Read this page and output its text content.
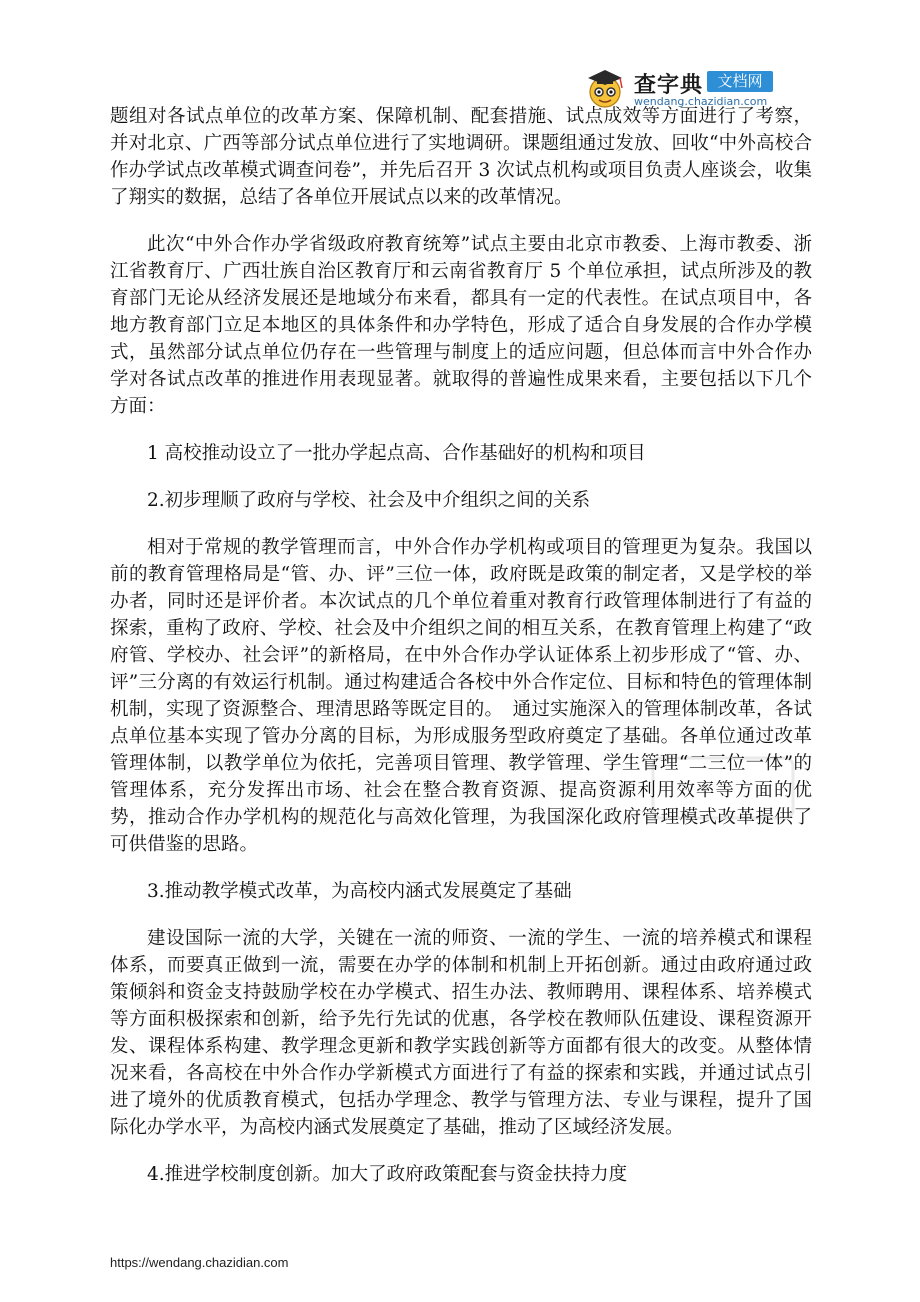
查字典 文档网
wendang.chazidian.com

题组对各试点单位的改革方案、保障机制、配套措施、试点成效等方面进行了考察，并对北京、广西等部分试点单位进行了实地调研。课题组通过发放、回收“中外高校合作办学试点改革模式调查问卷”，并先后召开 3 次试点机构或项目负责人座谈会，收集了翔实的数据，总结了各单位开展试点以来的改革情况。

此次“中外合作办学省级政府教育统筹”试点主要由北京市教委、上海市教委、浙江省教育厅、广西壮族自治区教育厅和云南省教育厅 5 个单位承担，试点所涉及的教育部门无论从经济发展还是地域分布来看，都具有一定的代表性。在试点项目中，各地方教育部门立足本地区的具体条件和办学特色，形成了适合自身发展的合作办学模式，虽然部分试点单位仍存在一些管理与制度上的适应问题，但总体而言中外合作办学对各试点改革的推进作用表现显著。就取得的普遍性成果来看，主要包括以下几个方面：

1 高校推动设立了一批办学起点高、合作基础好的机构和项目

2.初步理顺了政府与学校、社会及中介组织之间的关系

相对于常规的教学管理而言，中外合作办学机构或项目的管理更为复杂。我国以前的教育管理格局是“管、办、评”三位一体，政府既是政策的制定者，又是学校的举办者，同时还是评价者。本次试点的几个单位着重对教育行政管理体制进行了有益的探索，重构了政府、学校、社会及中介组织之间的相互关系，在教育管理上构建了“政府管、学校办、社会评”的新格局，在中外合作办学认证体系上初步形成了“管、办、评”三分离的有效运行机制。通过构建适合各校中外合作定位、目标和特色的管理体制机制，实现了资源整合、理清思路等既定目的。　通过实施深入的管理体制改革，各试点单位基本实现了管办分离的目标，为形成服务型政府奠定了基础。各单位通过改革管理体制，以教学单位为依托，完善项目管理、教学管理、学生管理“二三位一体”的管理体系，充分发挥出市场、社会在整合教育资源、提高资源利用效率等方面的优势，推动合作办学机构的规范化与高效化管理，为我国深化政府管理模式改革提供了可供借鉴的思路。

3.推动教学模式改革，为高校内涵式发展奠定了基础

建设国际一流的大学，关键在一流的师资、一流的学生、一流的培养模式和课程体系，而要真正做到一流，需要在办学的体制和机制上开拓创新。通过由政府通过政策倾斜和资金支持鼓励学校在办学模式、招生办法、教师聘用、课程体系、培养模式等方面积极探索和创新，给予先行先试的优惠，各学校在教师队伍建设、课程资源开发、课程体系构建、教学理念更新和教学实践创新等方面都有很大的改变。从整体情况来看，各高校在中外合作办学新模式方面进行了有益的探索和实践，并通过试点引进了境外的优质教育模式，包括办学理念、教学与管理方法、专业与课程，提升了国际化办学水平，为高校内涵式发展奠定了基础，推动了区域经济发展。

4.推进学校制度创新。加大了政府政策配套与资金扶持力度

https://wendang.chazidian.com
